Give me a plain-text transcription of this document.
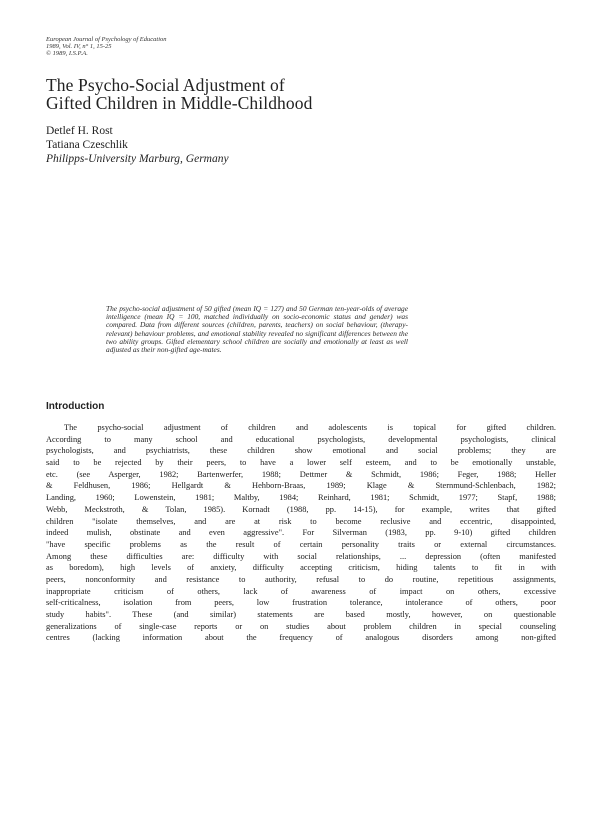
European Journal of Psychology of Education
1989, Vol. IV, n° 1, 15-25
© 1989, I.S.P.A.
The Psycho-Social Adjustment of
Gifted Children in Middle-Childhood
Detlef H. Rost
Tatiana Czeschlik
Philipps-University Marburg, Germany
The psycho-social adjustment of 50 gifted (mean IQ = 127) and 50 German ten-year-olds of average intelligence (mean IQ = 100, matched individually on socio-economic status and gender) was compared. Data from different sources (children, parents, teachers) on social behaviour, (therapy-relevant) behaviour problems, and emotional stability revealed no significant differences between the two ability groups. Gifted elementary school children are socially and emotionally at least as well adjusted as their non-gifted age-mates.
Introduction
The psycho-social adjustment of children and adolescents is topical for gifted children.
According to many school and educational psychologists, developmental psychologists, clinical
psychologists, and psychiatrists, these children show emotional and social problems; they are
said to be rejected by their peers, to have a lower self esteem, and to be emotionally unstable,
etc. (see Asperger, 1982; Bartenwerfer, 1988; Dettmer & Schmidt, 1986; Feger, 1988; Heller
& Feldhusen, 1986; Hellgardt & Hehborn-Braas, 1989; Klage & Sternmund-Schlenbach, 1982;
Landing, 1960; Lowenstein, 1981; Maltby, 1984; Reinhard, 1981; Schmidt, 1977; Stapf, 1988;
Webb, Meckstroth, & Tolan, 1985). Kornadt (1988, pp. 14-15), for example, writes that gifted
children "isolate themselves, and are at risk to become reclusive and eccentric, disappointed,
indeed mulish, obstinate and even aggressive". For Silverman (1983, pp. 9-10) gifted children
"have specific problems as the result of certain personality traits or external circumstances.
Among these difficulties are: difficulty with social relationships, ... depression (often manifested
as boredom), high levels of anxiety, difficulty accepting criticism, hiding talents to fit in with
peers, nonconformity and resistance to authority, refusal to do routine, repetitious assignments,
inappropriate criticism of others, lack of awareness of impact on others, excessive
self-criticalness, isolation from peers, low frustration tolerance, intolerance of others, poor
study habits". These (and similar) statements are based mostly, however, on questionable
generalizations of single-case reports or on studies about problem children in special counseling
centres (lacking information about the frequency of analogous disorders among non-gifted
